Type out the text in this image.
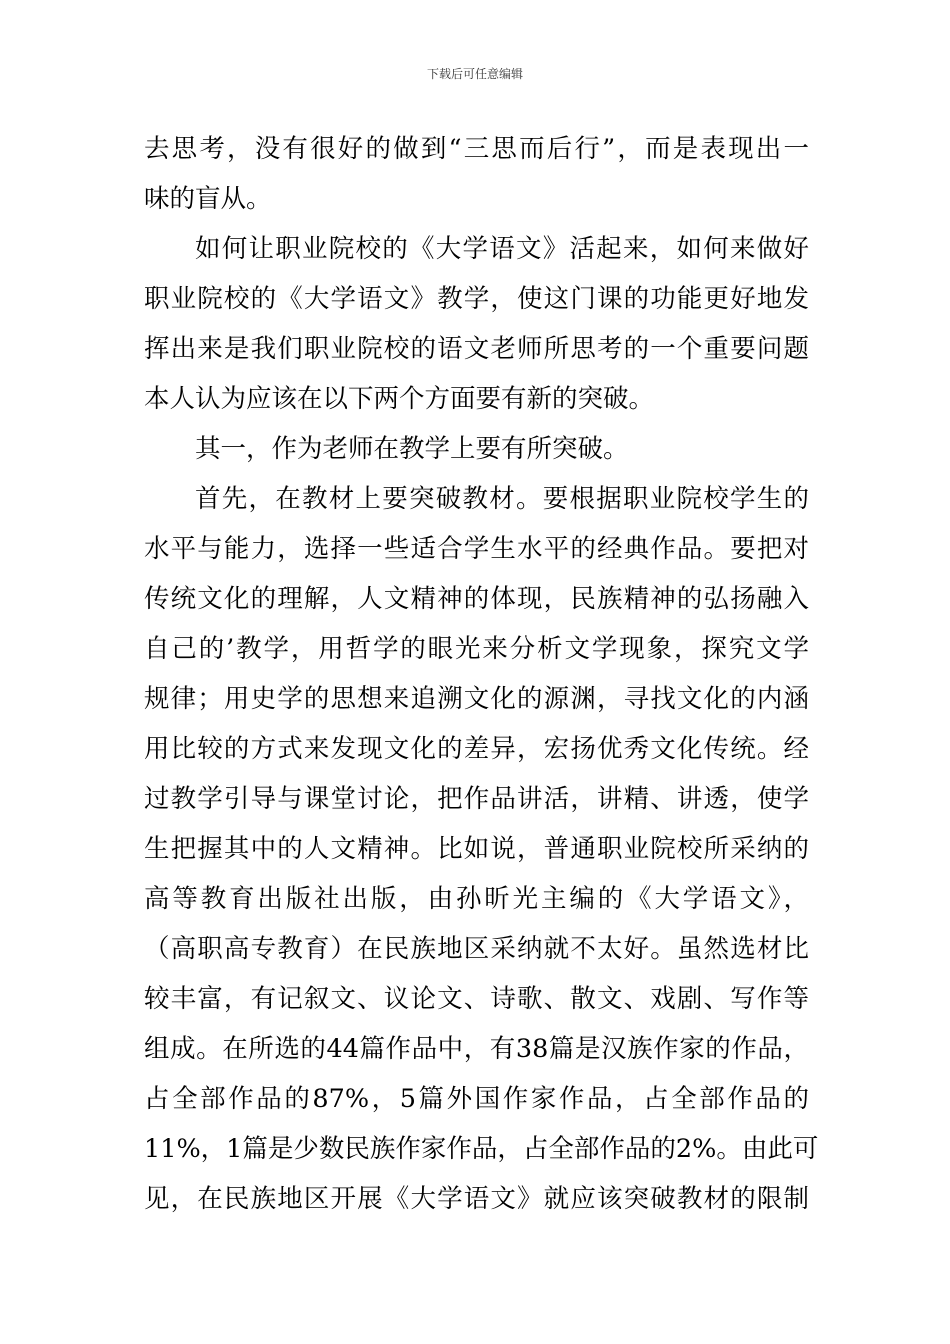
下载后可任意编辑
去思考，没有很好的做到“三思而后行”，而是表现出一
味的盲从。
如何让职业院校的《大学语文》活起来，如何来做好
职业院校的《大学语文》教学，使这门课的功能更好地发
挥出来是我们职业院校的语文老师所思考的一个重要问题
本人认为应该在以下两个方面要有新的突破。
其一，作为老师在教学上要有所突破。
首先，在教材上要突破教材。要根据职业院校学生的
水平与能力，选择一些适合学生水平的经典作品。要把对
传统文化的理解，人文精神的体现，民族精神的弘扬融入
自己的’教学，用哲学的眼光来分析文学现象，探究文学
规律；用史学的思想来追溯文化的源渊，寻找文化的内涵
用比较的方式来发现文化的差异，宏扬优秀文化传统。经
过教学引导与课堂讨论，把作品讲活，讲精、讲透，使学
生把握其中的人文精神。比如说，普通职业院校所采纳的
高等教育出版社出版，由孙昕光主编的《大学语文》，
（高职高专教育）在民族地区采纳就不太好。虽然选材比
较丰富，有记叙文、议论文、诗歌、散文、戏剧、写作等
组成。在所选的44篇作品中，有38篇是汉族作家的作品，
占全部作品的87%，5篇外国作家作品，占全部作品的
11%，1篇是少数民族作家作品，占全部作品的2%。由此可
见，在民族地区开展《大学语文》就应该突破教材的限制
